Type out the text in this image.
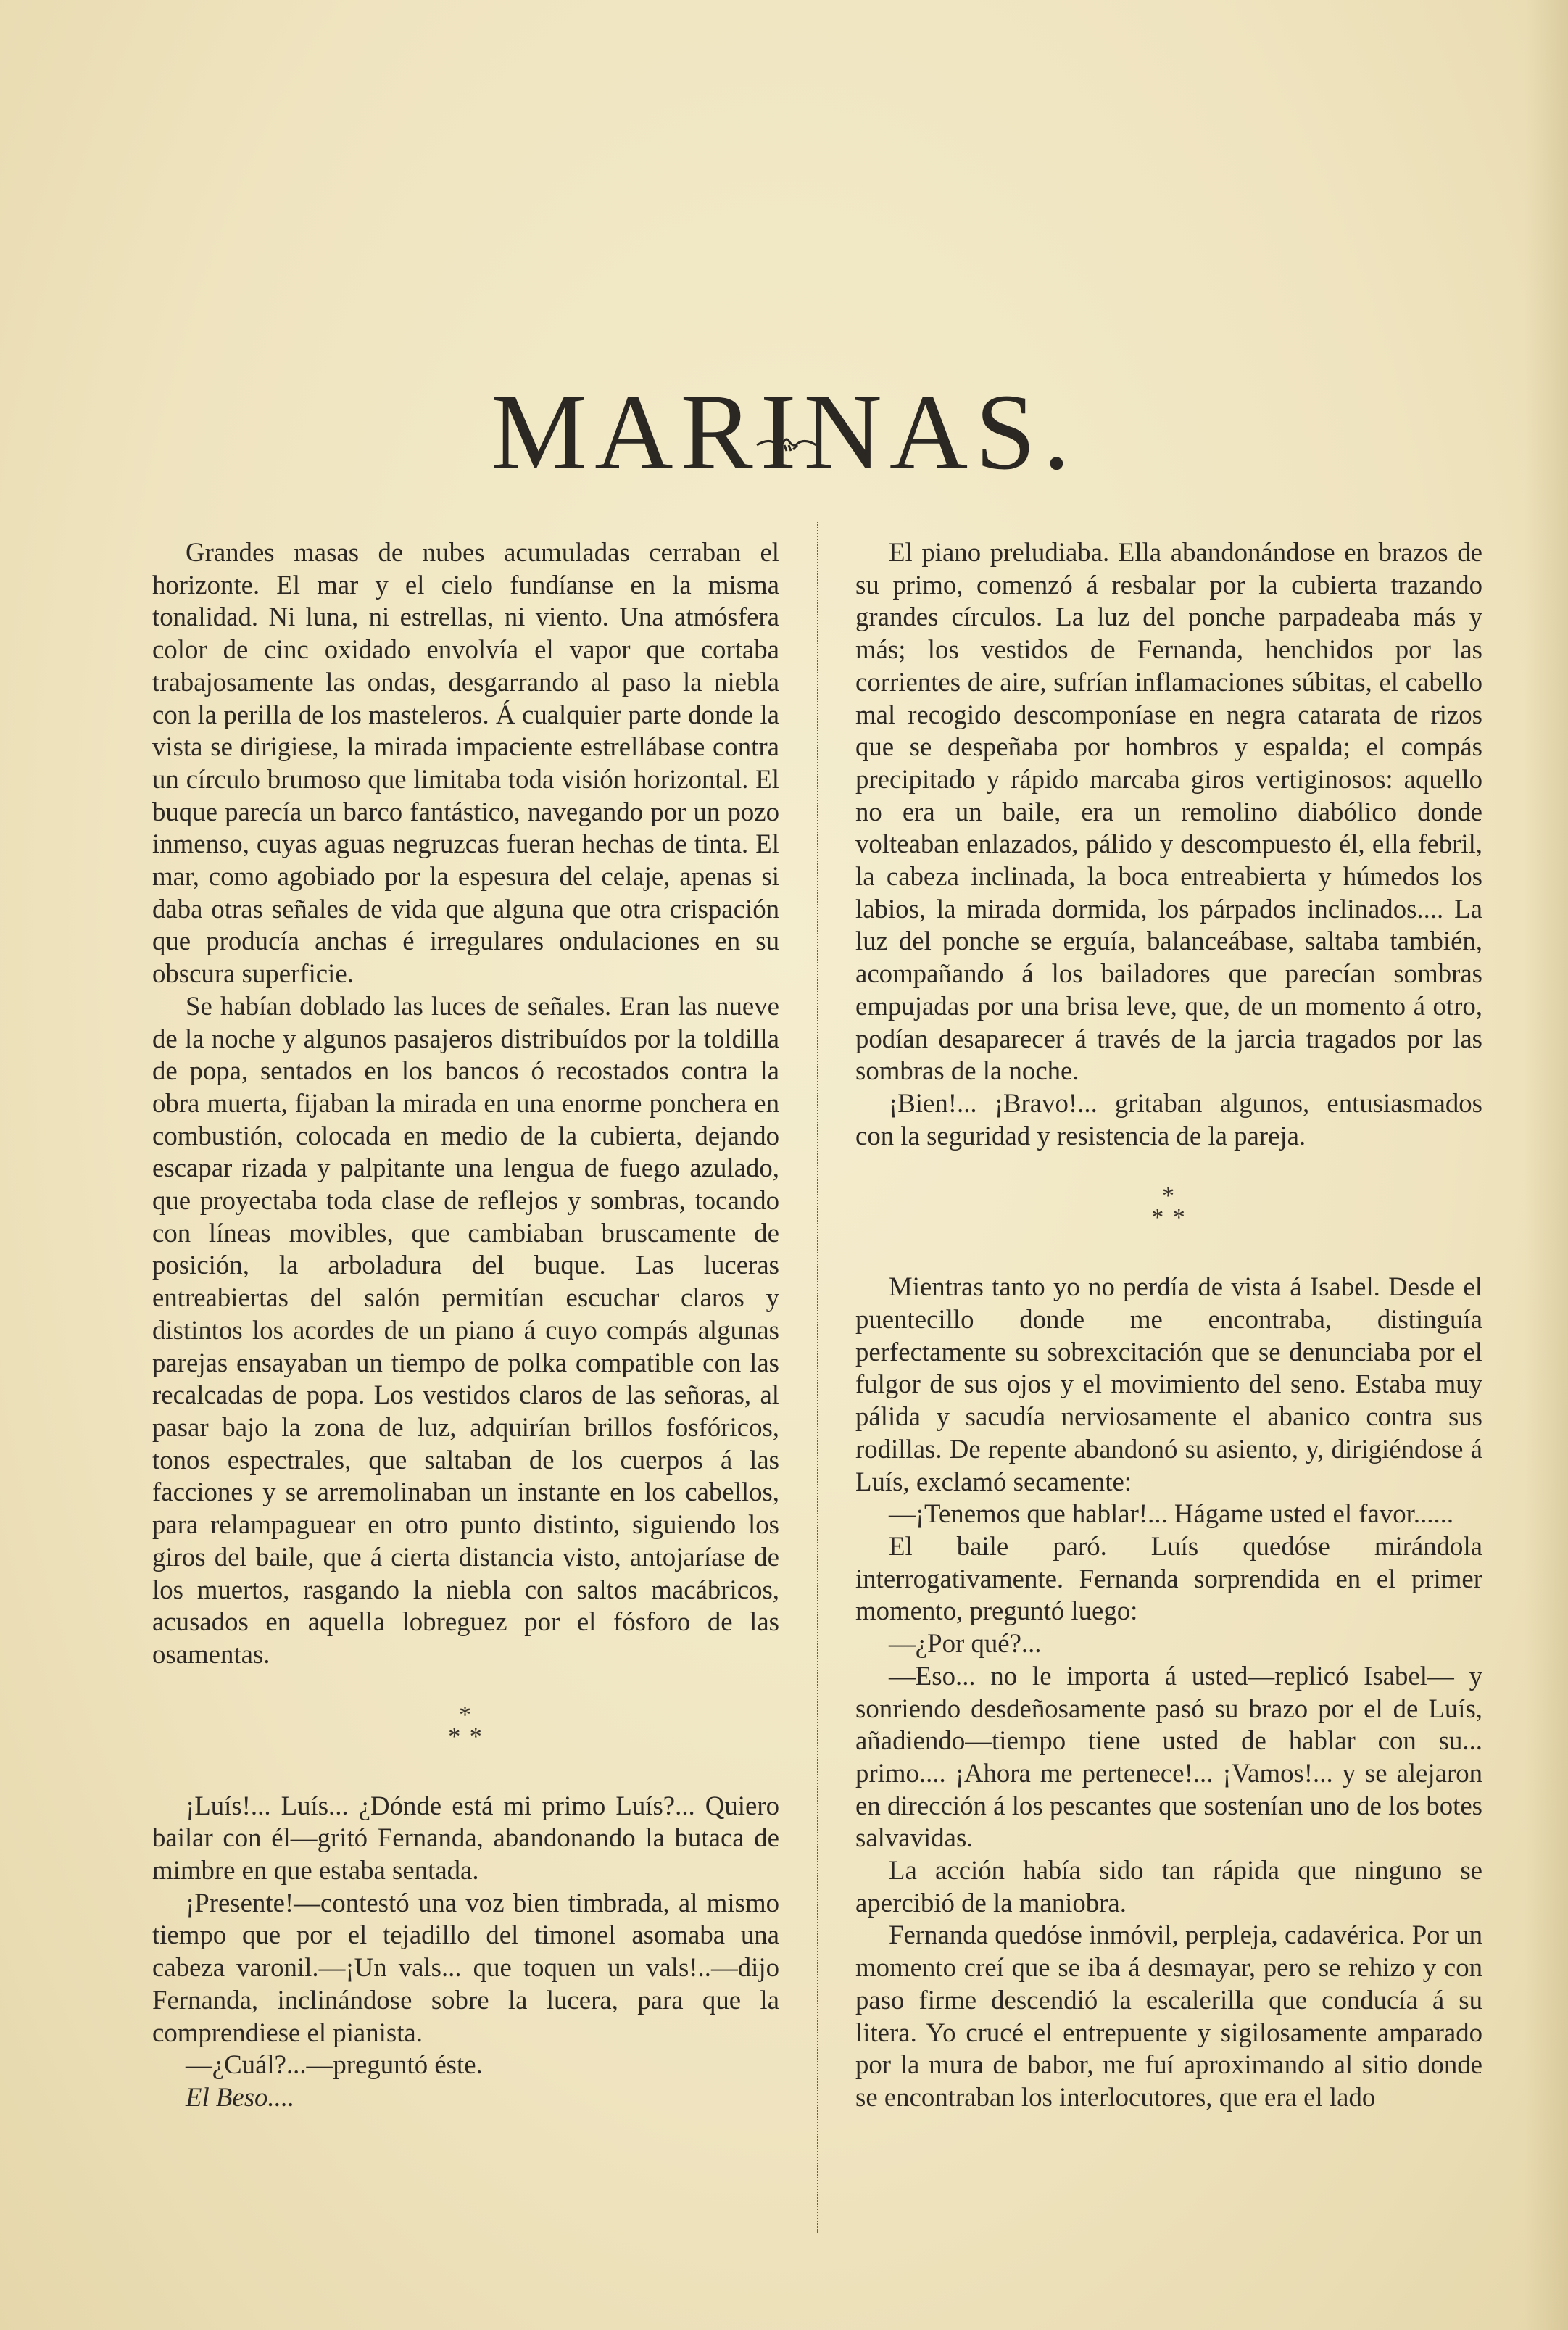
MARINAS.

Grandes masas de nubes acumuladas cerraban el horizonte. El mar y el cielo fundíanse en la misma tonalidad. Ni luna, ni estrellas, ni viento. Una atmósfera color de cinc oxidado envolvía el vapor que cortaba trabajosamente las ondas, desgarrando al paso la niebla con la perilla de los masteleros. Á cualquier parte donde la vista se dirigiese, la mirada impaciente estrellábase contra un círculo brumoso que limitaba toda visión horizontal. El buque parecía un barco fantástico, navegando por un pozo inmenso, cuyas aguas negruzcas fueran hechas de tinta. El mar, como agobiado por la espesura del celaje, apenas si daba otras señales de vida que alguna que otra crispación que producía anchas é irregulares ondulaciones en su obscura superficie.

Se habían doblado las luces de señales. Eran las nueve de la noche y algunos pasajeros distribuídos por la toldilla de popa, sentados en los bancos ó recostados contra la obra muerta, fijaban la mirada en una enorme ponchera en combustión, colocada en medio de la cubierta, dejando escapar rizada y palpitante una lengua de fuego azulado, que proyectaba toda clase de reflejos y sombras, tocando con líneas movibles, que cambiaban bruscamente de posición, la arboladura del buque. Las luceras entreabiertas del salón permitían escuchar claros y distintos los acordes de un piano á cuyo compás algunas parejas ensayaban un tiempo de polka compatible con las recalcadas de popa. Los vestidos claros de las señoras, al pasar bajo la zona de luz, adquirían brillos fosfóricos, tonos espectrales, que saltaban de los cuerpos á las facciones y se arremolinaban un instante en los cabellos, para relampaguear en otro punto distinto, siguiendo los giros del baile, que á cierta distancia visto, antojaríase de los muertos, rasgando la niebla con saltos macábricos, acusados en aquella lobreguez por el fósforo de las osamentas.

*
* *

¡Luís!... Luís... ¿Dónde está mi primo Luís?... Quiero bailar con él—gritó Fernanda, abandonando la butaca de mimbre en que estaba sentada.

¡Presente!—contestó una voz bien timbrada, al mismo tiempo que por el tejadillo del timonel asomaba una cabeza varonil.—¡Un vals... que toquen un vals!..—dijo Fernanda, inclinándose sobre la lucera, para que la comprendiese el pianista.

—¿Cuál?...—preguntó éste.

El Beso....

El piano preludiaba. Ella abandonándose en brazos de su primo, comenzó á resbalar por la cubierta trazando grandes círculos. La luz del ponche parpadeaba más y más; los vestidos de Fernanda, henchidos por las corrientes de aire, sufrían inflamaciones súbitas, el cabello mal recogido descomponíase en negra catarata de rizos que se despeñaba por hombros y espalda; el compás precipitado y rápido marcaba giros vertiginosos: aquello no era un baile, era un remolino diabólico donde volteaban enlazados, pálido y descompuesto él, ella febril, la cabeza inclinada, la boca entreabierta y húmedos los labios, la mirada dormida, los párpados inclinados.... La luz del ponche se erguía, balanceábase, saltaba también, acompañando á los bailadores que parecían sombras empujadas por una brisa leve, que, de un momento á otro, podían desaparecer á través de la jarcia tragados por las sombras de la noche.

¡Bien!... ¡Bravo!... gritaban algunos, entusiasmados con la seguridad y resistencia de la pareja.

*
* *

Mientras tanto yo no perdía de vista á Isabel. Desde el puentecillo donde me encontraba, distinguía perfectamente su sobrexcitación que se denunciaba por el fulgor de sus ojos y el movimiento del seno. Estaba muy pálida y sacudía nerviosamente el abanico contra sus rodillas. De repente abandonó su asiento, y, dirigiéndose á Luís, exclamó secamente:

—¡Tenemos que hablar!... Hágame usted el favor......

El baile paró. Luís quedóse mirándola interrogativamente. Fernanda sorprendida en el primer momento, preguntó luego:

—¿Por qué?...

—Eso... no le importa á usted—replicó Isabel— y sonriendo desdeñosamente pasó su brazo por el de Luís, añadiendo—tiempo tiene usted de hablar con su... primo.... ¡Ahora me pertenece!... ¡Vamos!... y se alejaron en dirección á los pescantes que sostenían uno de los botes salvavidas.

La acción había sido tan rápida que ninguno se apercibió de la maniobra.

Fernanda quedóse inmóvil, perpleja, cadavérica. Por un momento creí que se iba á desmayar, pero se rehizo y con paso firme descendió la escalerilla que conducía á su litera. Yo crucé el entrepuente y sigilosamente amparado por la mura de babor, me fuí aproximando al sitio donde se encontraban los interlocutores, que era el lado
